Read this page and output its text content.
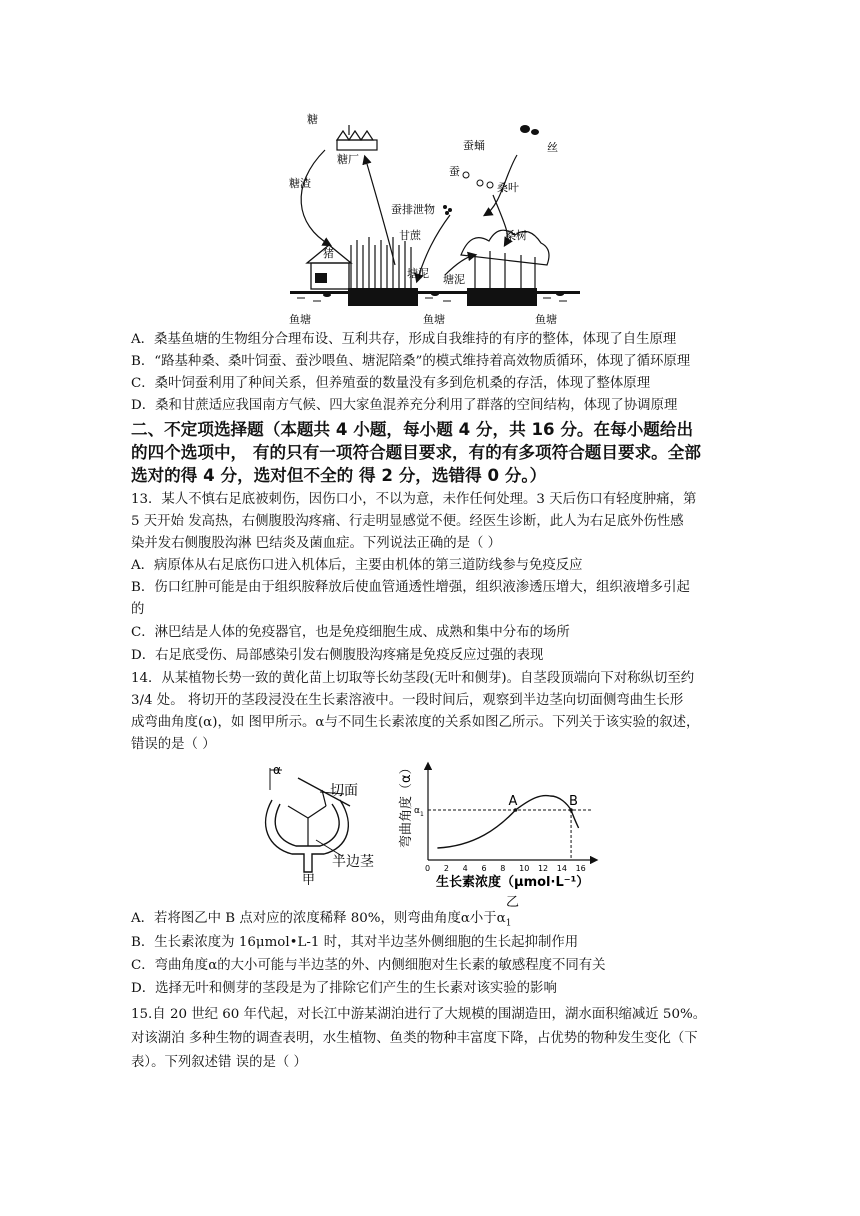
糖
糖厂
糖渣
猪
甘蔗
塘泥 塘泥
蚕排泄物
蚕蛹	丝
蚕
桑叶
桑树
鱼塘	鱼塘	鱼塘
A．桑基鱼塘的生物组分合理布设、互利共存，形成自我维持的有序的整体，体现了自生原理
B．“路基种桑、桑叶饲蚕、蚕沙喂鱼、塘泥陪桑”的模式维持着高效物质循环，体现了循环原理
C．桑叶饲蚕利用了种间关系，但养殖蚕的数量没有多到危机桑的存活，体现了整体原理
D．桑和甘蔗适应我国南方气候、四大家鱼混养充分利用了群落的空间结构，体现了协调原理
二、不定项选择题（本题共 4 小题，每小题 4 分，共 16 分。在每小题给出
的四个选项中， 有的只有一项符合题目要求，有的有多项符合题目要求。全部
选对的得 4 分，选对但不全的 得 2 分，选错得 0 分。）
13．某人不慎右足底被刺伤，因伤口小，不以为意，未作任何处理。3 天后伤口有轻度肿痛，第
5 天开始 发高热，右侧腹股沟疼痛、行走明显感觉不便。经医生诊断，此人为右足底外伤性感
染并发右侧腹股沟淋 巴结炎及菌血症。下列说法正确的是（ ）
A．病原体从右足底伤口进入机体后，主要由机体的第三道防线参与免疫反应
B．伤口红肿可能是由于组织胺释放后使血管通透性增强，组织液渗透压增大，组织液增多引起
的
C．淋巴结是人体的免疫器官，也是免疫细胞生成、成熟和集中分布的场所
D．右足底受伤、局部感染引发右侧腹股沟疼痛是免疫反应过强的表现
14．从某植物长势一致的黄化苗上切取等长幼茎段(无叶和侧芽)。自茎段顶端向下对称纵切至约
3/4 处。 将切开的茎段浸没在生长素溶液中。一段时间后，观察到半边茎向切面侧弯曲生长形
成弯曲角度(α)，如 图甲所示。α与不同生长素浓度的关系如图乙所示。下列关于该实验的叙述，
错误的是（ ）
α
切面
半边茎
甲
弯曲角度（α）
0 2 4 6 8 10 12 14 16
A	B
$\alpha_1$
生长素浓度（μmol·L⁻¹）
乙
A．若将图乙中 B 点对应的浓度稀释 80%，则弯曲角度α小于$\alpha_1$
B．生长素浓度为 16μmol•L-1 时，其对半边茎外侧细胞的生长起抑制作用
C．弯曲角度α的大小可能与半边茎的外、内侧细胞对生长素的敏感程度不同有关
D．选择无叶和侧芽的茎段是为了排除它们产生的生长素对该实验的影响
15.自 20 世纪 60 年代起，对长江中游某湖泊进行了大规模的围湖造田，湖水面积缩减近 50%。
对该湖泊 多种生物的调查表明，水生植物、鱼类的物种丰富度下降，占优势的物种发生变化（下
表）。下列叙述错 误的是（ ）
